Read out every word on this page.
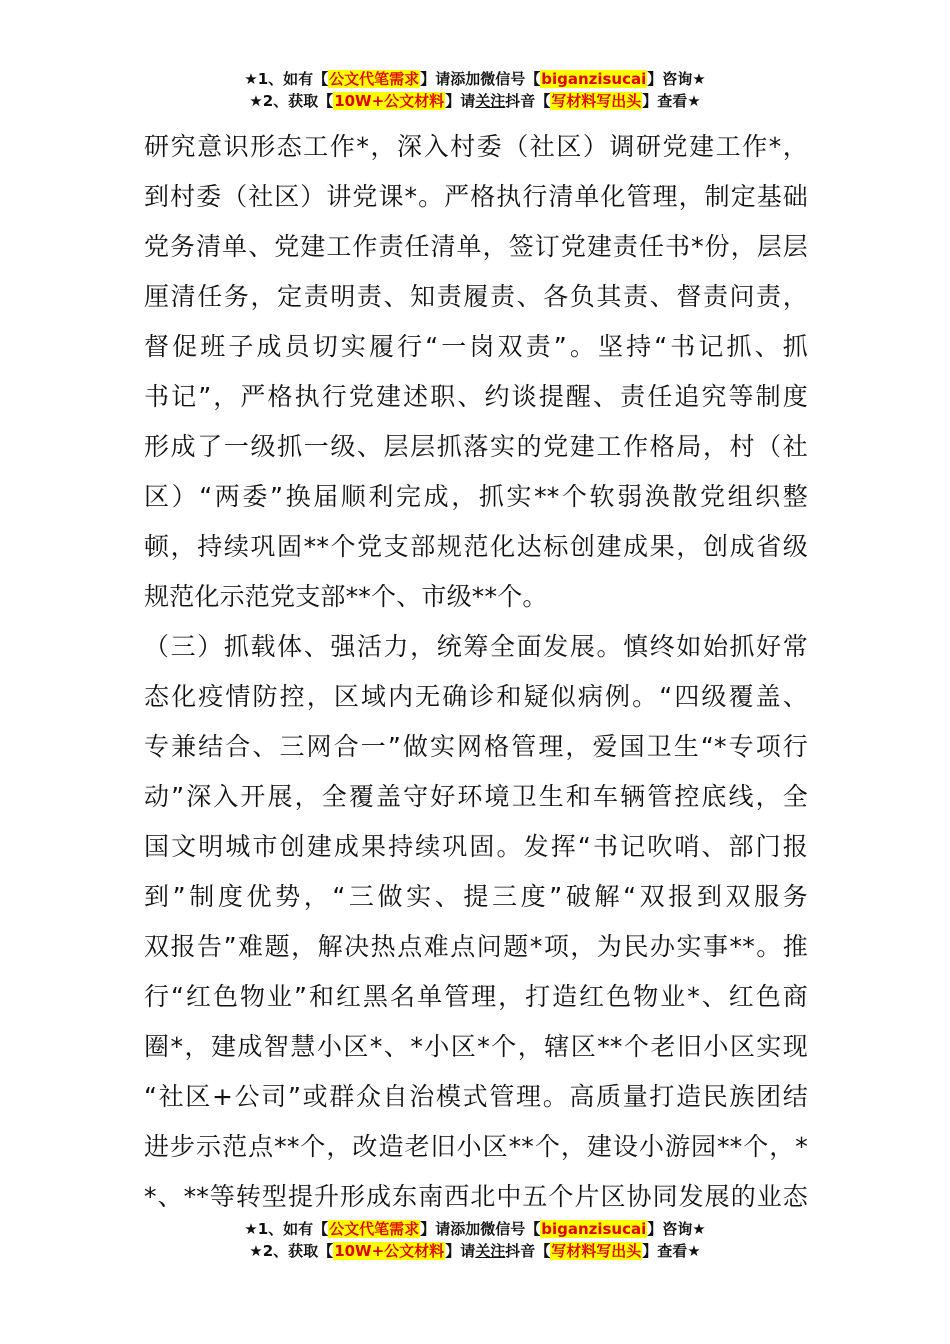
★1、如有【公文代笔需求】请添加微信号【biganzisucai】咨询★
★2、获取【10W+公文材料】请关注抖音【写材料写出头】查看★
研究意识形态工作*，深入村委（社区）调研党建工作*，
到村委（社区）讲党课*。严格执行清单化管理，制定基础
党务清单、党建工作责任清单，签订党建责任书*份，层层
厘清任务，定责明责、知责履责、各负其责、督责问责，
督促班子成员切实履行“一岗双责”。坚持“书记抓、抓
书记”，严格执行党建述职、约谈提醒、责任追究等制度
形成了一级抓一级、层层抓落实的党建工作格局，村（社
区）“两委”换届顺利完成，抓实**个软弱涣散党组织整
顿，持续巩固**个党支部规范化达标创建成果，创成省级
规范化示范党支部**个、市级**个。
（三）抓载体、强活力，统筹全面发展。慎终如始抓好常
态化疫情防控，区域内无确诊和疑似病例。“四级覆盖、
专兼结合、三网合一”做实网格管理，爱国卫生“*专项行
动”深入开展，全覆盖守好环境卫生和车辆管控底线，全
国文明城市创建成果持续巩固。发挥“书记吹哨、部门报
到”制度优势，“三做实、提三度”破解“双报到双服务
双报告”难题，解决热点难点问题*项，为民办实事**。推
行“红色物业”和红黑名单管理，打造红色物业*、红色商
圈*，建成智慧小区*、*小区*个，辖区**个老旧小区实现
“社区+公司”或群众自治模式管理。高质量打造民族团结
进步示范点**个，改造老旧小区**个，建设小游园**个，*
*、**等转型提升形成东南西北中五个片区协同发展的业态
★1、如有【公文代笔需求】请添加微信号【biganzisucai】咨询★
★2、获取【10W+公文材料】请关注抖音【写材料写出头】查看★
